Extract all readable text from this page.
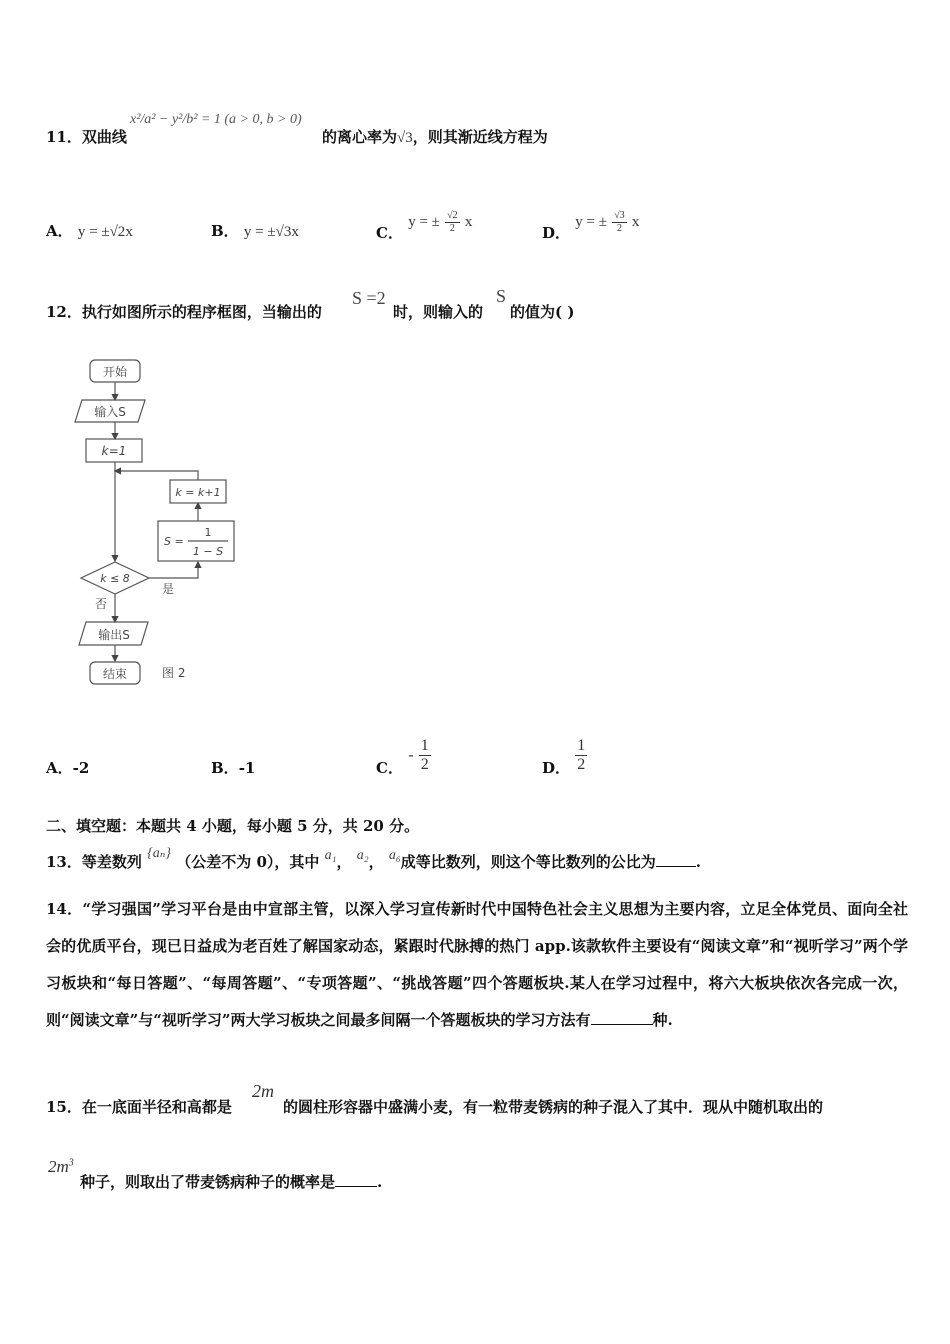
11．双曲线
x²/a² − y²/b² = 1 (a > 0, b > 0)
的离心率为√3，则其渐近线方程为
A． y = ±√2x	B． y = ±√3x	C． y = ± $\frac{√2}{2}$ x
D． y = ± $\frac{√3}{2}$ x
12．执行如图所示的程序框图，当输出的
S =2
时，则输入的
S
的值为( )
开始
输入S
k=1
k = k+1
S =
1
1 − S
k ≤ 8
是
否
输出S
结束	图 2
A．-2	B．-1	C． - $\frac{1}{2}$	D． $\frac{1}{2}$
二、填空题：本题共 4 小题，每小题 5 分，共 20 分。
13．等差数列 {aₙ} （公差不为 0），其中 a₁， a₂， a₆成等比数列，则这个等比数列的公比为	.
14．“学习强国”学习平台是由中宣部主管，以深入学习宣传新时代中国特色社会主义思想为主要内容，立足全体党员、面向全社会的优质平台，现已日益成为老百姓了解国家动态，紧跟时代脉搏的热门 app.该款软件主要设有“阅读文章”和“视听学习”两个学习板块和“每日答题”、“每周答题”、“专项答题”、“挑战答题”四个答题板块.某人在学习过程中，将六大板块依次各完成一次，则“阅读文章”与“视听学习”两大学习板块之间最多间隔一个答题板块的学习方法有	种.
15．在一底面半径和高都是
2m
的圆柱形容器中盛满小麦，有一粒带麦锈病的种子混入了其中．现从中随机取出的
$2m^3$
种子，则取出了带麦锈病种子的概率是	.
